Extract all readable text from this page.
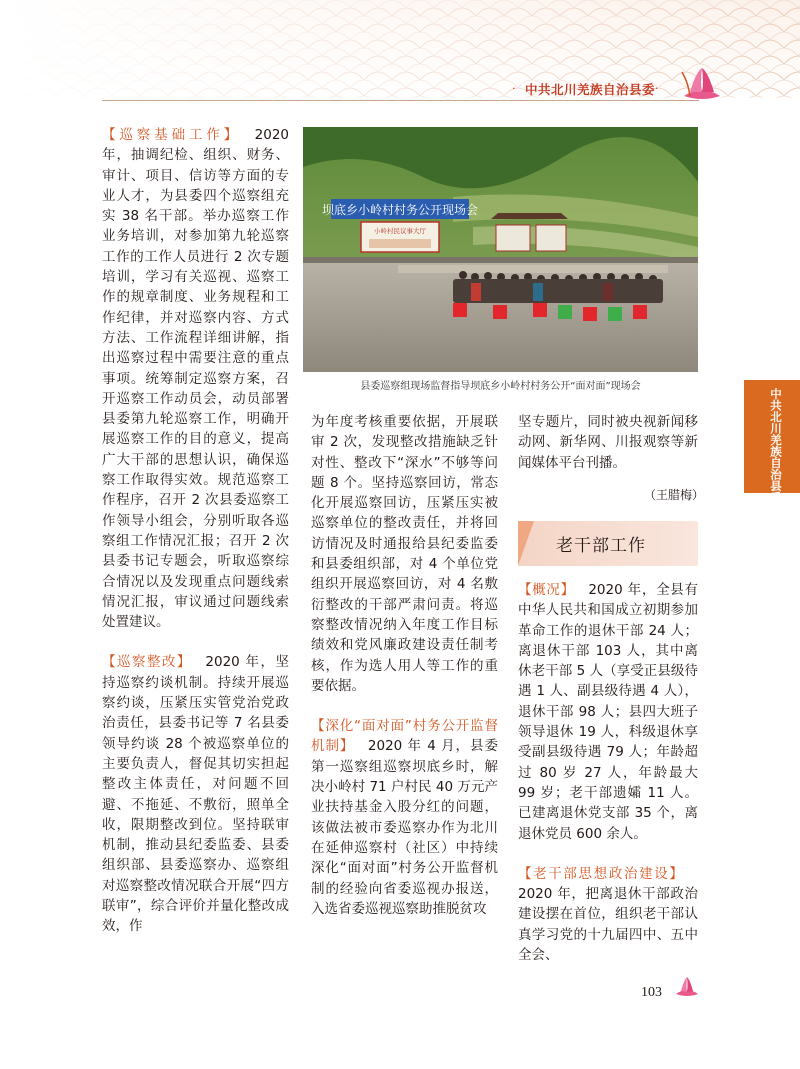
· 中共北川羌族自治县委 ·
中共北川羌族自治县委

【巡察基础工作】  2020 年，抽调纪检、组织、财务、审计、项目、信访等方面的专业人才，为县委四个巡察组充实 38 名干部。举办巡察工作业务培训，对参加第九轮巡察工作的工作人员进行 2 次专题培训，学习有关巡视、巡察工作的规章制度、业务规程和工作纪律，并对巡察内容、方式方法、工作流程详细讲解，指出巡察过程中需要注意的重点事项。统筹制定巡察方案，召开巡察工作动员会，动员部署县委第九轮巡察工作，明确开展巡察工作的目的意义，提高广大干部的思想认识，确保巡察工作取得实效。规范巡察工作程序，召开 2 次县委巡察工作领导小组会，分别听取各巡察组工作情况汇报；召开 2 次县委书记专题会，听取巡察综合情况以及发现重点问题线索情况汇报，审议通过问题线索处置建议。

【巡察整改】  2020 年，坚持巡察约谈机制。持续开展巡察约谈，压紧压实管党治党政治责任，县委书记等 7 名县委领导约谈 28 个被巡察单位的主要负责人，督促其切实担起整改主体责任，对问题不回避、不拖延、不敷衍，照单全收，限期整改到位。坚持联审机制，推动县纪委监委、县委组织部、县委巡察办、巡察组对巡察整改情况联合开展“四方联审”，综合评价并量化整改成效，作

坝底乡小岭村村务公开现场会
小岭村民议事大厅
县委巡察组现场监督指导坝底乡小岭村村务公开“面对面”现场会

为年度考核重要依据，开展联审 2 次，发现整改措施缺乏针对性、整改下“深水”不够等问题 8 个。坚持巡察回访，常态化开展巡察回访，压紧压实被巡察单位的整改责任，并将回访情况及时通报给县纪委监委和县委组织部，对 4 个单位党组织开展巡察回访，对 4 名敷衍整改的干部严肃问责。将巡察整改情况纳入年度工作目标绩效和党风廉政建设责任制考核，作为选人用人等工作的重要依据。

【深化“面对面”村务公开监督机制】  2020 年 4 月，县委第一巡察组巡察坝底乡时，解决小岭村 71 户村民 40 万元产业扶持基金入股分红的问题，该做法被市委巡察办作为北川在延伸巡察村（社区）中持续深化“面对面”村务公开监督机制的经验向省委巡视办报送，入选省委巡视巡察助推脱贫攻

坚专题片，同时被央视新闻移动网、新华网、川报观察等新闻媒体平台刊播。

（王腊梅）
老干部工作

【概况】  2020 年，全县有中华人民共和国成立初期参加革命工作的退休干部 24 人；离退休干部 103 人，其中离休老干部 5 人（享受正县级待遇 1 人、副县级待遇 4 人），退休干部 98 人；县四大班子领导退休 19 人，科级退休享受副县级待遇 79 人；年龄超过 80 岁 27 人，年龄最大 99 岁；老干部遗孀 11 人。已建离退休党支部 35 个，离退休党员 600 余人。

【老干部思想政治建设】 2020 年，把离退休干部政治建设摆在首位，组织老干部认真学习党的十九届四中、五中全会、

103
